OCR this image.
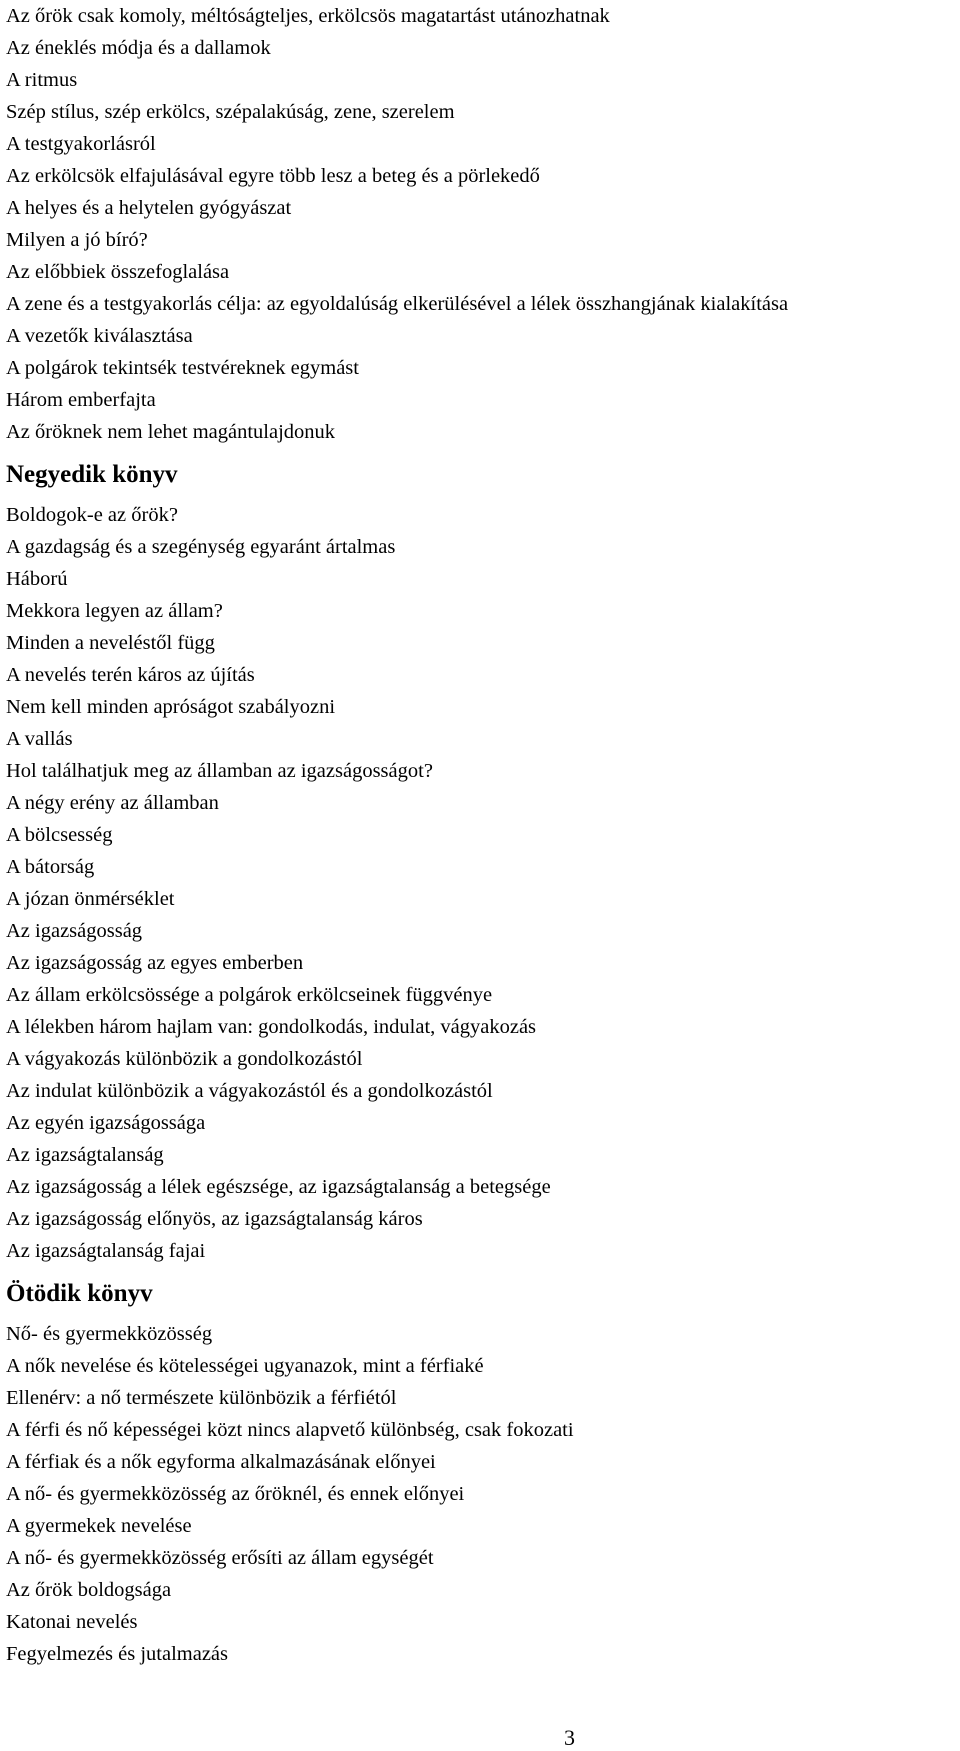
Az őrök csak komoly, méltóságteljes, erkölcsös magatartást utánozhatnak
Az éneklés módja és a dallamok
A ritmus
Szép stílus, szép erkölcs, szépalakúság, zene, szerelem
A testgyakorlásról
Az erkölcsök elfajulásával egyre több lesz a beteg és a pörlekedő
A helyes és a helytelen gyógyászat
Milyen a jó bíró?
Az előbbiek összefoglalása
A zene és a testgyakorlás célja: az egyoldalúság elkerülésével a lélek összhangjának kialakítása
A vezetők kiválasztása
A polgárok tekintsék testvéreknek egymást
Három emberfajta
Az őröknek nem lehet magántulajdonuk
Negyedik könyv
Boldogok-e az őrök?
A gazdagság és a szegénység egyaránt ártalmas
Háború
Mekkora legyen az állam?
Minden a neveléstől függ
A nevelés terén káros az újítás
Nem kell minden apróságot szabályozni
A vallás
Hol találhatjuk meg az államban az igazságosságot?
A négy erény az államban
A bölcsesség
A bátorság
A józan önmérséklet
Az igazságosság
Az igazságosság az egyes emberben
Az állam erkölcsössége a polgárok erkölcseinek függvénye
A lélekben három hajlam van: gondolkodás, indulat, vágyakozás
A vágyakozás különbözik a gondolkozástól
Az indulat különbözik a vágyakozástól és a gondolkozástól
Az egyén igazságossága
Az igazságtalanság
Az igazságosság a lélek egészsége, az igazságtalanság a betegsége
Az igazságosság előnyös, az igazságtalanság káros
Az igazságtalanság fajai
Ötödik könyv
Nő- és gyermekközösség
A nők nevelése és kötelességei ugyanazok, mint a férfiaké
Ellenérv: a nő természete különbözik a férfiétól
A férfi és nő képességei közt nincs alapvető különbség, csak fokozati
A férfiak és a nők egyforma alkalmazásának előnyei
A nő- és gyermekközösség az őröknél, és ennek előnyei
A gyermekek nevelése
A nő- és gyermekközösség erősíti az állam egységét
Az őrök boldogsága
Katonai nevelés
Fegyelmezés és jutalmazás
3
